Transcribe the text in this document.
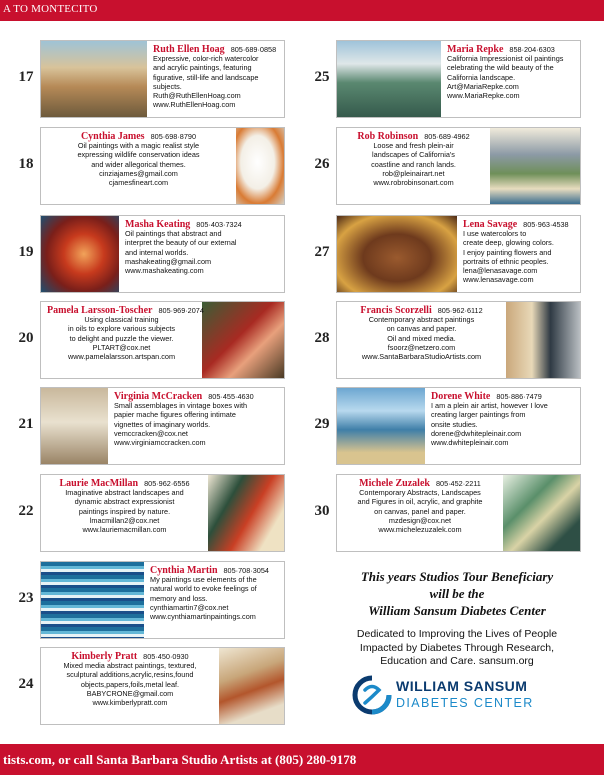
A TO MONTECITO
17
Ruth Ellen Hoag 805·689·0858
Expressive, color-rich watercolor
and acrylic paintings, featuring
figurative, still-life and landscape
subjects.
Ruth@RuthEllenHoag.com
www.RuthEllenHoag.com
18
Cynthia James 805·698·8790
Oil paintings with a magic realist style
expressing wildlife conservation ideas
and wider allegorical themes.
cinziajames@gmail.com
cjamesfineart.com
19
Masha Keating 805·403·7324
Oil paintings that abstract and
interpret the beauty of our external
and internal worlds.
mashakeating@gmail.com
www.mashakeating.com
20
Pamela Larsson-Toscher 805·969·2074
Using classical training
in oils to explore various subjects
to delight and puzzle the viewer.
PLTART@cox.net
www.pamelalarsson.artspan.com
21
Virginia McCracken 805·455·4630
Small assemblages in vintage boxes with
papier mache figures offering intimate
vignettes of imaginary worlds.
vemccracken@cox.net
www.virginiamccracken.com
22
Laurie MacMillan 805·962·6556
Imaginative abstract landscapes and
dynamic abstract expressionist
paintings inspired by nature.
lmacmillan2@cox.net
www.lauriemacmillan.com
23
Cynthia Martin 805·708·3054
My paintings use elements of the
natural world to evoke feelings of
memory and loss.
cynthiamartin7@cox.net
www.cynthiamartinpaintings.com
24
Kimberly Pratt 805·450·0930
Mixed media abstract paintings, textured,
sculptural additions,acrylic,resins,found
objects,papers,foils,metal leaf.
BABYCRONE@gmail.com
www.kimberlypratt.com
25
Maria Repke 858·204·6303
California Impressionist oil paintings
celebrating the wild beauty of the
California landscape.
Art@MariaRepke.com
www.MariaRepke.com
26
Rob Robinson 805·689·4962
Loose and fresh plein-air
landscapes of California's
coastline and ranch lands.
rob@pleinairart.net
www.robrobinsonart.com
27
Lena Savage 805·963·4538
I use watercolors to
create deep, glowing colors.
I enjoy painting flowers and
portraits of ethnic peoples.
lena@lenasavage.com
www.lenasavage.com
28
Francis Scorzelli 805·962·6112
Contemporary abstract paintings
on canvas and paper.
Oil and mixed media.
fsoorz@netzero.com
www.SantaBarbaraStudioArtists.com
29
Dorene White 805·886·7479
I am a plein air artist, however I love
creating larger paintings from
onsite studies.
dorene@dwhitepleinair.com
www.dwhitepleinair.com
30
Michele Zuzalek 805·452·2211
Contemporary Abstracts, Landscapes
and Figures in oil, acrylic, and graphite
on canvas, panel and paper.
mzdesign@cox.net
www.michelezuzalek.com
This years Studios Tour Beneficiary
will be the
William Sansum Diabetes Center
Dedicated to Improving the Lives of People
Impacted by Diabetes Through Research,
Education and Care. sansum.org
WILLIAM SANSUM
DIABETES CENTER
tists.com, or call Santa Barbara Studio Artists at (805) 280-9178
